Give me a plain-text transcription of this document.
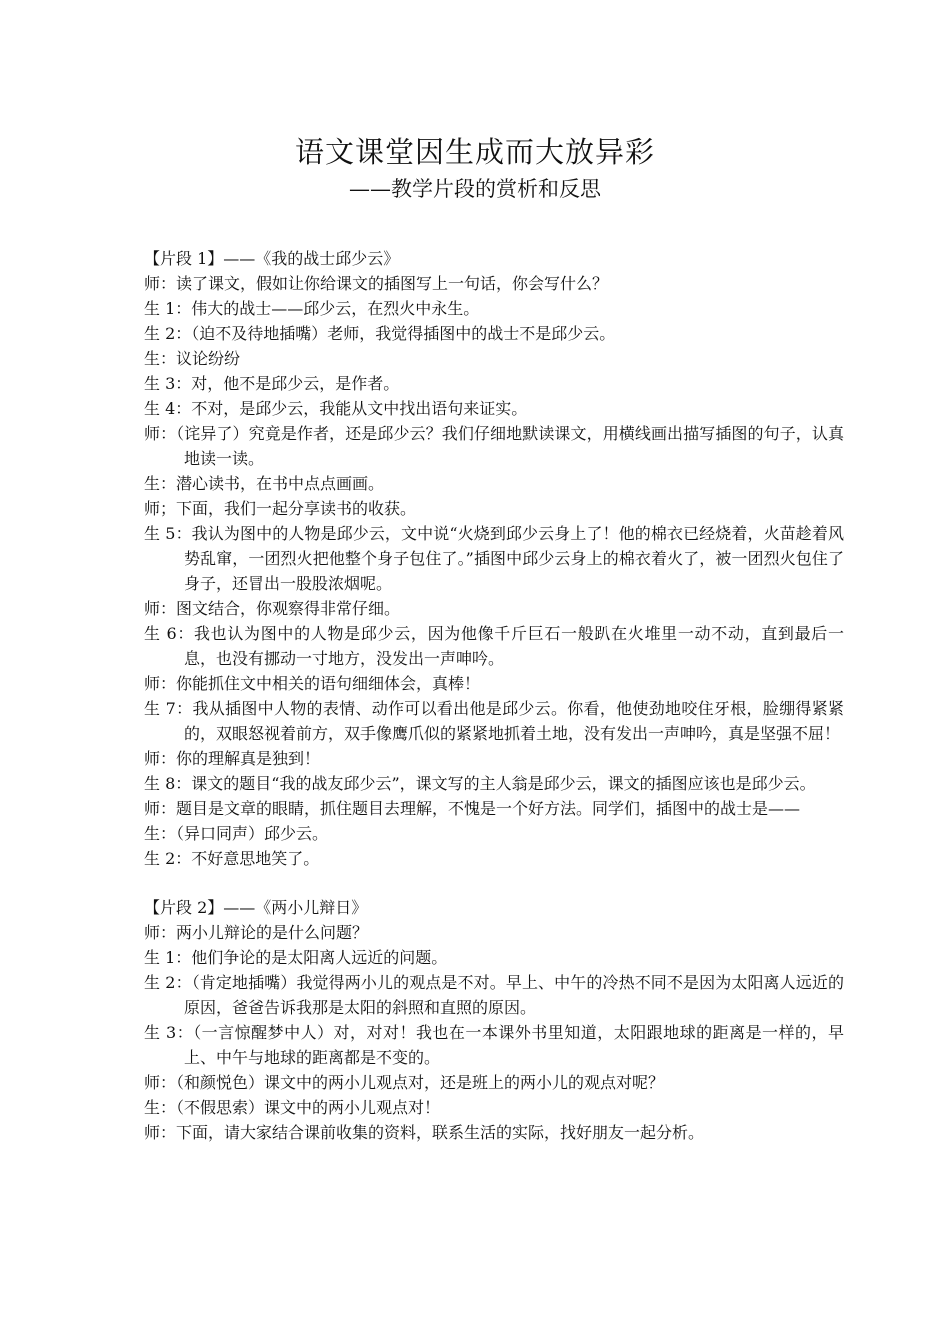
语文课堂因生成而大放异彩
——教学片段的赏析和反思

【片段 1】——《我的战士邱少云》

师：读了课文，假如让你给课文的插图写上一句话，你会写什么？

生 1：伟大的战士——邱少云，在烈火中永生。

生 2：（迫不及待地插嘴）老师，我觉得插图中的战士不是邱少云。

生：议论纷纷

生 3：对，他不是邱少云，是作者。

生 4：不对，是邱少云，我能从文中找出语句来证实。

师：（诧异了）究竟是作者，还是邱少云？我们仔细地默读课文，用横线画出描写插图的句子，认真地读一读。

生：潜心读书，在书中点点画画。

师；下面，我们一起分享读书的收获。

生 5：我认为图中的人物是邱少云，文中说“火烧到邱少云身上了！他的棉衣已经烧着，火苗趁着风势乱窜，一团烈火把他整个身子包住了。”插图中邱少云身上的棉衣着火了，被一团烈火包住了身子，还冒出一股股浓烟呢。

师：图文结合，你观察得非常仔细。

生 6：我也认为图中的人物是邱少云，因为他像千斤巨石一般趴在火堆里一动不动，直到最后一息，也没有挪动一寸地方，没发出一声呻吟。

师：你能抓住文中相关的语句细细体会，真棒！

生 7：我从插图中人物的表情、动作可以看出他是邱少云。你看，他使劲地咬住牙根，脸绷得紧紧的，双眼怒视着前方，双手像鹰爪似的紧紧地抓着土地，没有发出一声呻吟，真是坚强不屈！

师：你的理解真是独到！

生 8：课文的题目“我的战友邱少云”，课文写的主人翁是邱少云，课文的插图应该也是邱少云。

师：题目是文章的眼睛，抓住题目去理解，不愧是一个好方法。同学们，插图中的战士是——

生：（异口同声）邱少云。

生 2：不好意思地笑了。

【片段 2】——《两小儿辩日》

师：两小儿辩论的是什么问题？

生 1：他们争论的是太阳离人远近的问题。

生 2：（肯定地插嘴）我觉得两小儿的观点是不对。早上、中午的冷热不同不是因为太阳离人远近的原因，爸爸告诉我那是太阳的斜照和直照的原因。

生 3：（一言惊醒梦中人）对，对对！我也在一本课外书里知道，太阳跟地球的距离是一样的，早上、中午与地球的距离都是不变的。

师：（和颜悦色）课文中的两小儿观点对，还是班上的两小儿的观点对呢？

生：（不假思索）课文中的两小儿观点对！

师：下面，请大家结合课前收集的资料，联系生活的实际，找好朋友一起分析。
